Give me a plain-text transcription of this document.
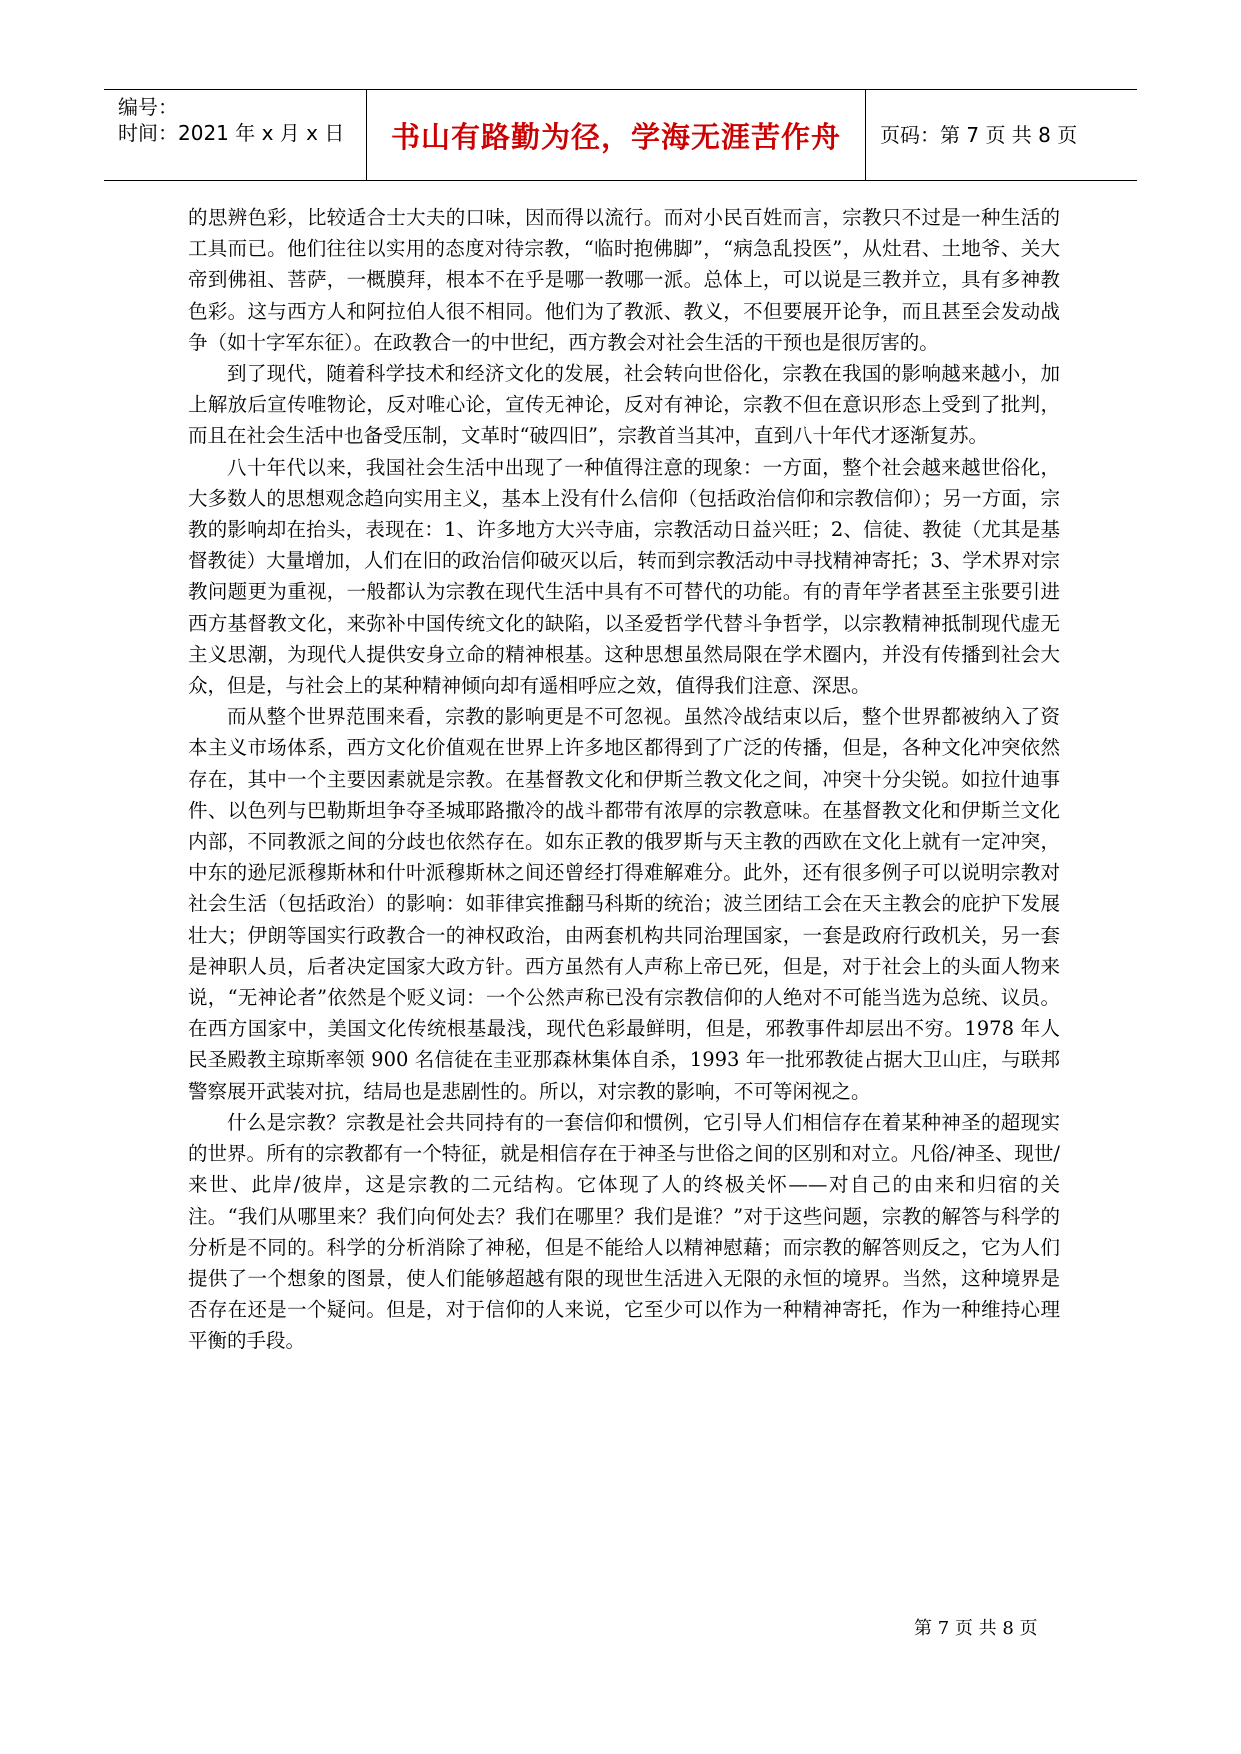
编号：
时间：2021 年 x 月 x 日 书山有路勤为径，学海无涯苦作舟 页码：第 7 页 共 8 页

的思辨色彩，比较适合士大夫的口味，因而得以流行。而对小民百姓而言，宗教只不过是一种生活的工具而已。他们往往以实用的态度对待宗教，“临时抱佛脚”，“病急乱投医”，从灶君、土地爷、关大帝到佛祖、菩萨，一概膜拜，根本不在乎是哪一教哪一派。总体上，可以说是三教并立，具有多神教色彩。这与西方人和阿拉伯人很不相同。他们为了教派、教义，不但要展开论争，而且甚至会发动战争（如十字军东征）。在政教合一的中世纪，西方教会对社会生活的干预也是很厉害的。

到了现代，随着科学技术和经济文化的发展，社会转向世俗化，宗教在我国的影响越来越小，加上解放后宣传唯物论，反对唯心论，宣传无神论，反对有神论，宗教不但在意识形态上受到了批判，而且在社会生活中也备受压制，文革时“破四旧”，宗教首当其冲，直到八十年代才逐渐复苏。

八十年代以来，我国社会生活中出现了一种值得注意的现象：一方面，整个社会越来越世俗化，大多数人的思想观念趋向实用主义，基本上没有什么信仰（包括政治信仰和宗教信仰）；另一方面，宗教的影响却在抬头，表现在：1、许多地方大兴寺庙，宗教活动日益兴旺；2、信徒、教徒（尤其是基督教徒）大量增加，人们在旧的政治信仰破灭以后，转而到宗教活动中寻找精神寄托；3、学术界对宗教问题更为重视，一般都认为宗教在现代生活中具有不可替代的功能。有的青年学者甚至主张要引进西方基督教文化，来弥补中国传统文化的缺陷，以圣爱哲学代替斗争哲学，以宗教精神抵制现代虚无主义思潮，为现代人提供安身立命的精神根基。这种思想虽然局限在学术圈内，并没有传播到社会大众，但是，与社会上的某种精神倾向却有遥相呼应之效，值得我们注意、深思。

而从整个世界范围来看，宗教的影响更是不可忽视。虽然冷战结束以后，整个世界都被纳入了资本主义市场体系，西方文化价值观在世界上许多地区都得到了广泛的传播，但是，各种文化冲突依然存在，其中一个主要因素就是宗教。在基督教文化和伊斯兰教文化之间，冲突十分尖锐。如拉什迪事件、以色列与巴勒斯坦争夺圣城耶路撒冷的战斗都带有浓厚的宗教意味。在基督教文化和伊斯兰文化内部，不同教派之间的分歧也依然存在。如东正教的俄罗斯与天主教的西欧在文化上就有一定冲突，中东的逊尼派穆斯林和什叶派穆斯林之间还曾经打得难解难分。此外，还有很多例子可以说明宗教对社会生活（包括政治）的影响：如菲律宾推翻马科斯的统治；波兰团结工会在天主教会的庇护下发展壮大；伊朗等国实行政教合一的神权政治，由两套机构共同治理国家，一套是政府行政机关，另一套是神职人员，后者决定国家大政方针。西方虽然有人声称上帝已死，但是，对于社会上的头面人物来说，“无神论者”依然是个贬义词：一个公然声称已没有宗教信仰的人绝对不可能当选为总统、议员。在西方国家中，美国文化传统根基最浅，现代色彩最鲜明，但是，邪教事件却层出不穷。1978 年人民圣殿教主琼斯率领 900 名信徒在圭亚那森林集体自杀，1993 年一批邪教徒占据大卫山庄，与联邦警察展开武装对抗，结局也是悲剧性的。所以，对宗教的影响，不可等闲视之。

什么是宗教？宗教是社会共同持有的一套信仰和惯例，它引导人们相信存在着某种神圣的超现实的世界。所有的宗教都有一个特征，就是相信存在于神圣与世俗之间的区别和对立。凡俗/神圣、现世/来世、此岸/彼岸，这是宗教的二元结构。它体现了人的终极关怀——对自己的由来和归宿的关注。“我们从哪里来？我们向何处去？我们在哪里？我们是谁？”对于这些问题，宗教的解答与科学的分析是不同的。科学的分析消除了神秘，但是不能给人以精神慰藉；而宗教的解答则反之，它为人们提供了一个想象的图景，使人们能够超越有限的现世生活进入无限的永恒的境界。当然，这种境界是否存在还是一个疑问。但是，对于信仰的人来说，它至少可以作为一种精神寄托，作为一种维持心理平衡的手段。

第 7 页 共 8 页
